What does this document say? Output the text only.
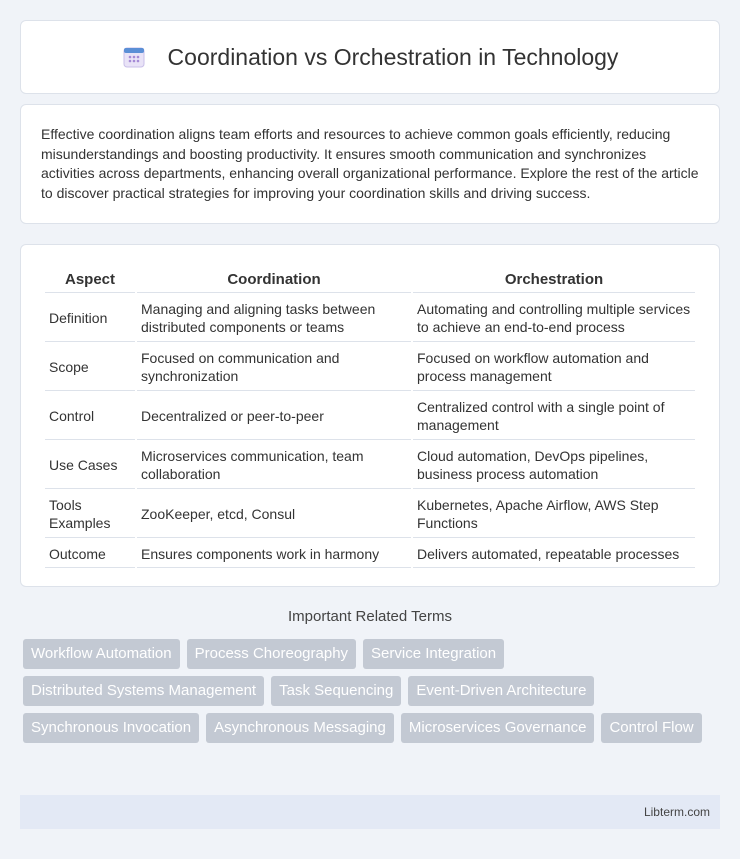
Coordination vs Orchestration in Technology

Effective coordination aligns team efforts and resources to achieve common goals efficiently, reducing misunderstandings and boosting productivity. It ensures smooth communication and synchronizes activities across departments, enhancing overall organizational performance. Explore the rest of the article to discover practical strategies for improving your coordination skills and driving success.

Aspect	Coordination	Orchestration
Definition	Managing and aligning tasks between distributed components or teams	Automating and controlling multiple services to achieve an end-to-end process
Scope	Focused on communication and synchronization	Focused on workflow automation and process management
Control	Decentralized or peer-to-peer	Centralized control with a single point of management
Use Cases	Microservices communication, team collaboration	Cloud automation, DevOps pipelines, business process automation
Tools Examples	ZooKeeper, etcd, Consul	Kubernetes, Apache Airflow, AWS Step Functions
Outcome	Ensures components work in harmony	Delivers automated, repeatable processes
Important Related Terms
Workflow Automation	Process Choreography	Service Integration
Distributed Systems Management	Task Sequencing	Event-Driven Architecture
Synchronous Invocation	Asynchronous Messaging	Microservices Governance	Control Flow
Libterm.com
